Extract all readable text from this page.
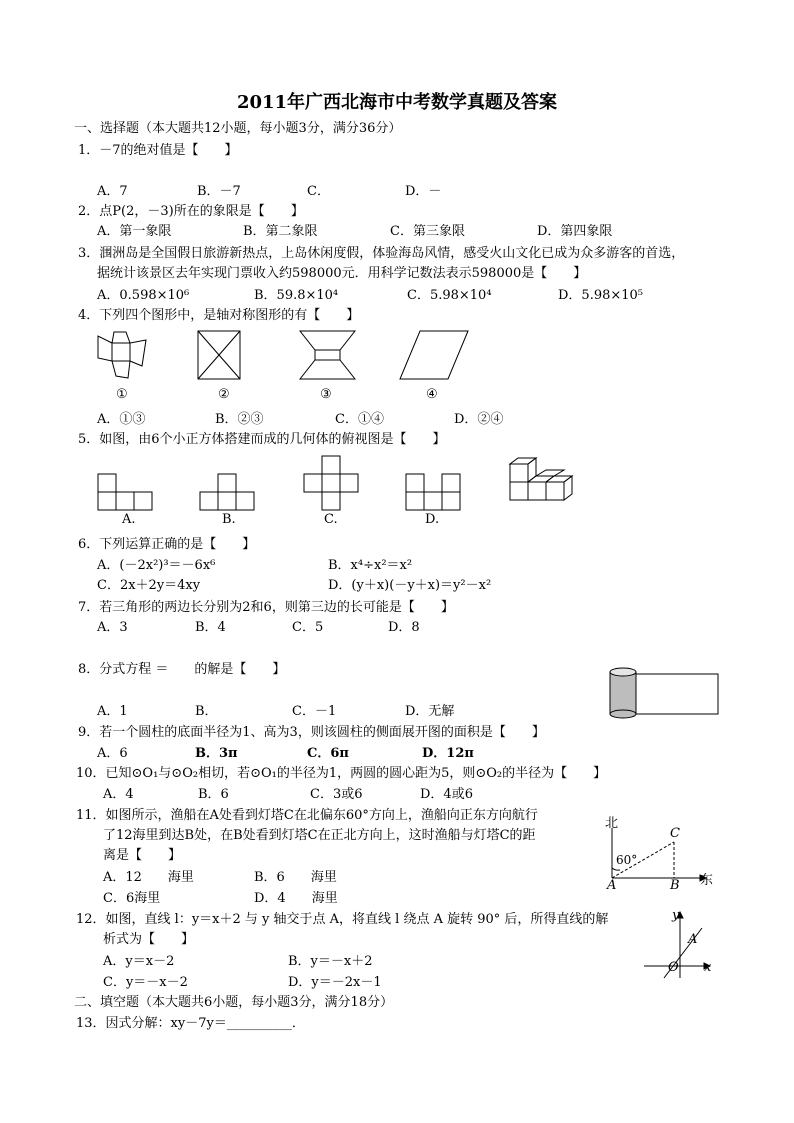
2011年广西北海市中考数学真题及答案
一、选择题（本大题共12小题，每小题3分，满分36分）
1．－7的绝对值是【　　】
A．7	B．－7	C．	D．－
2．点P(2，－3)所在的象限是【　　】
A．第一象限	B．第二象限	C．第三象限	D．第四象限
3．涠洲岛是全国假日旅游新热点，上岛休闲度假，体验海岛风情，感受火山文化已成为众多游客的首选，
据统计该景区去年实现门票收入约598000元．用科学记数法表示598000是【　　】
A．0.598×10⁶	B．59.8×10⁴	C．5.98×10⁴	D．5.98×10⁵
4．下列四个图形中，是轴对称图形的有【　　】
①	②	③	④
A．①③	B．②③	C．①④	D．②④
5．如图，由6个小正方体搭建而成的几何体的俯视图是【　　】
A.	B.	C.	D.
6．下列运算正确的是【　　】
A．(－2x²)³＝－6x⁶	B．x⁴÷x²＝x²
C．2x＋2y＝4xy	D．(y＋x)(－y＋x)＝y²－x²
7．若三角形的两边长分别为2和6，则第三边的长可能是【　　】
A．3	B．4	C．5	D．8
8．分式方程 ＝　　的解是【　　】
A．1	B．	C．－1	D．无解
9．若一个圆柱的底面半径为1、高为3，则该圆柱的侧面展开图的面积是【　　】
A．6	B．3π	C．6π	D．12π
10．已知⊙O₁与⊙O₂相切，若⊙O₁的半径为1，两圆的圆心距为5，则⊙O₂的半径为【　　】
A．4	B．6	C．3或6	D．4或6
11．如图所示，渔船在A处看到灯塔C在北偏东60°方向上，渔船向正东方向航行
了12海里到达B处，在B处看到灯塔C在正北方向上，这时渔船与灯塔C的距
离是【　　】
A．12　　海里	B．6　　海里
C．6海里	D．4　　海里
北
东
C
A	B
60°
12．如图，直线 l：y＝x＋2 与 y 轴交于点 A，将直线 l 绕点 A 旋转 90° 后，所得直线的解
析式为【　　】
A．y＝x－2	B．y＝－x＋2
C．y＝－x－2	D．y＝－2x－1
y
A
O x
二、填空题（本大题共6小题，每小题3分，满分18分）
13．因式分解：xy－7y＝__________．
